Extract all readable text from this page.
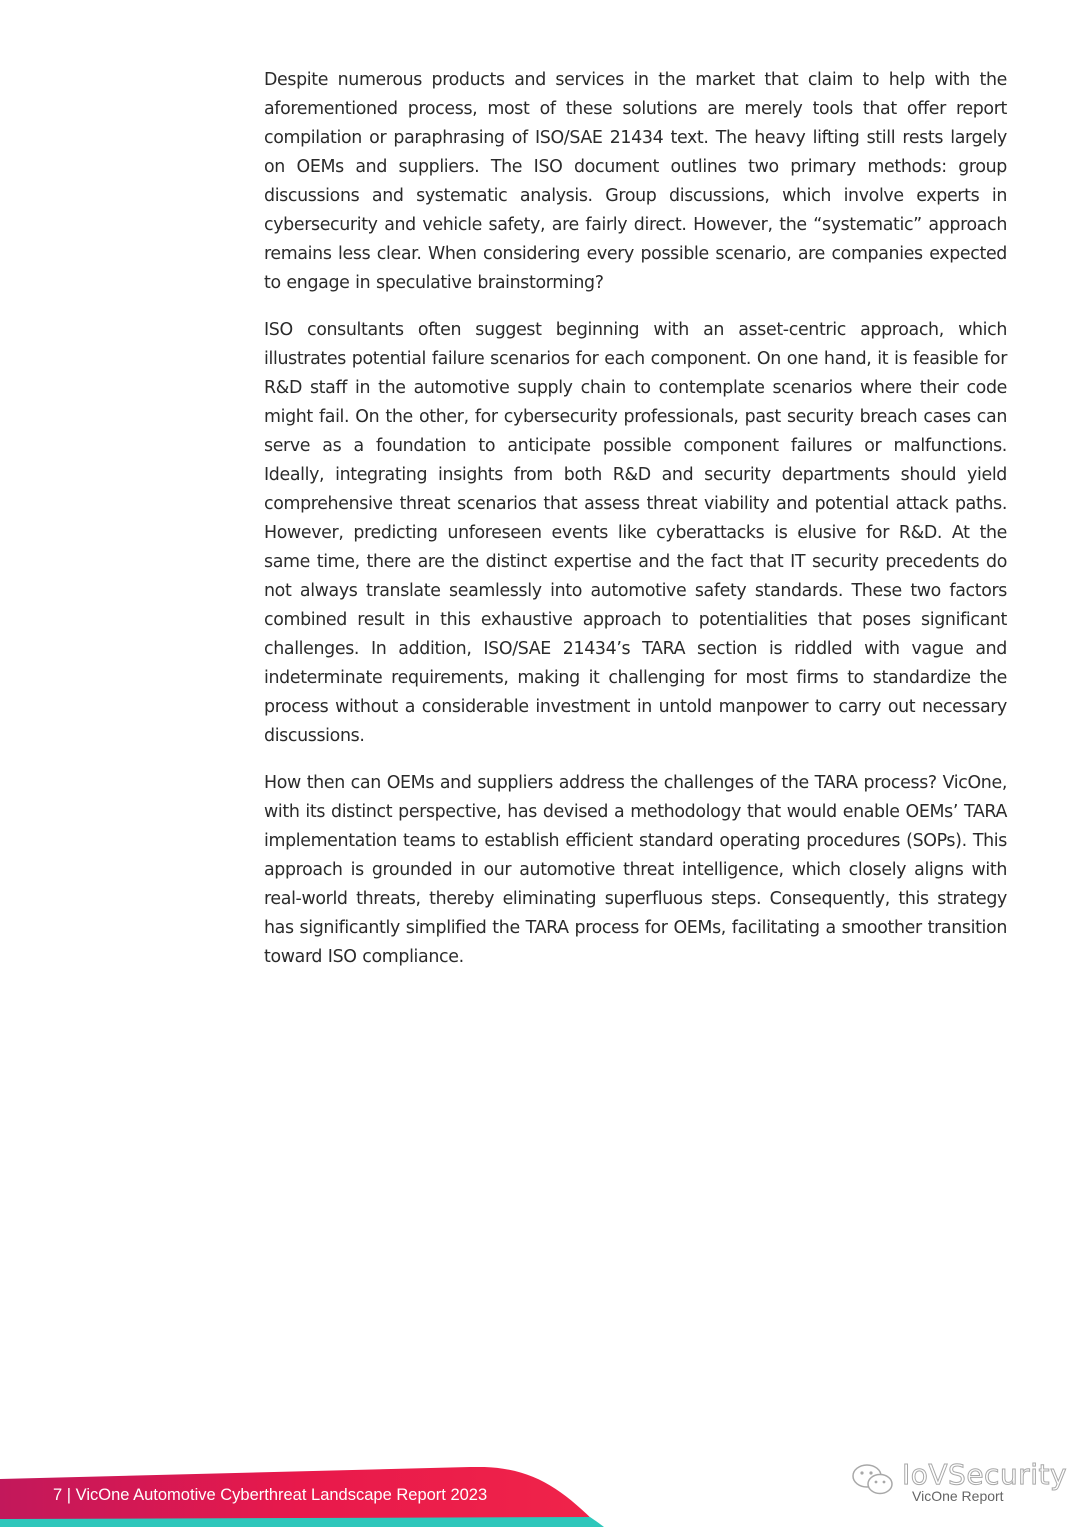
Despite numerous products and services in the market that claim to help with the aforementioned process, most of these solutions are merely tools that offer report compilation or paraphrasing of ISO/SAE 21434 text. The heavy lifting still rests largely on OEMs and suppliers. The ISO document outlines two primary methods: group discussions and systematic analysis. Group discussions, which involve experts in cybersecurity and vehicle safety, are fairly direct. However, the “systematic” approach remains less clear. When considering every possible scenario, are companies expected to engage in speculative brainstorming?

ISO consultants often suggest beginning with an asset-centric approach, which illustrates potential failure scenarios for each component. On one hand, it is feasible for R&D staff in the automotive supply chain to contemplate scenarios where their code might fail. On the other, for cybersecurity professionals, past security breach cases can serve as a foundation to anticipate possible component failures or malfunctions. Ideally, integrating insights from both R&D and security departments should yield comprehensive threat scenarios that assess threat viability and potential attack paths. However, predicting unforeseen events like cyberattacks is elusive for R&D. At the same time, there are the distinct expertise and the fact that IT security precedents do not always translate seamlessly into automotive safety standards. These two factors combined result in this exhaustive approach to potentialities that poses significant challenges. In addition, ISO/SAE 21434’s TARA section is riddled with vague and indeterminate requirements, making it challenging for most firms to standardize the process without a considerable investment in untold manpower to carry out necessary discussions.

How then can OEMs and suppliers address the challenges of the TARA process? VicOne, with its distinct perspective, has devised a methodology that would enable OEMs’ TARA implementation teams to establish efficient standard operating procedures (SOPs). This approach is grounded in our automotive threat intelligence, which closely aligns with real-world threats, thereby eliminating superfluous steps. Consequently, this strategy has significantly simplified the TARA process for OEMs, facilitating a smoother transition toward ISO compliance.

7 | VicOne Automotive Cyberthreat Landscape Report 2023
IoVSecurity
VicOne Report
